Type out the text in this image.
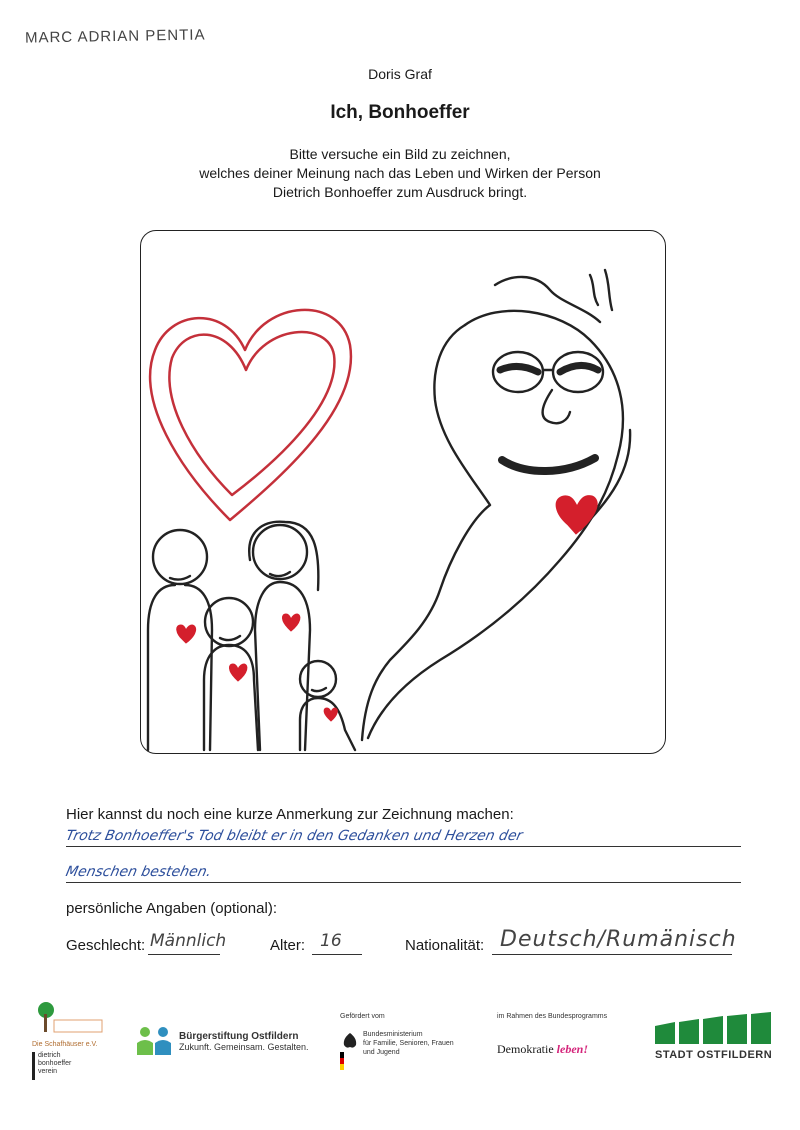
MARC ADRIAN PENTIA
Doris Graf
Ich, Bonhoeffer
Bitte versuche ein Bild zu zeichnen,
welches deiner Meinung nach das Leben und Wirken der Person
Dietrich Bonhoeffer zum Ausdruck bringt.
Hier kannst du noch eine kurze Anmerkung zur Zeichnung machen:
Trotz Bonhoeffer's Tod bleibt er in den Gedanken und Herzen der
Menschen bestehen.
persönliche Angaben (optional):
Geschlecht: Männlich	Alter: 16	Nationalität: Deutsch/Rumänisch
Die Schafhäuser e.V.
dietrich
bonhoeffer
verein
Bürgerstiftung Ostfildern
Zukunft. Gemeinsam. Gestalten.
Gefördert vom
Bundesministerium
für Familie, Senioren, Frauen
und Jugend
im Rahmen des Bundesprogramms
Demokratie leben!	STADT OSTFILDERN
